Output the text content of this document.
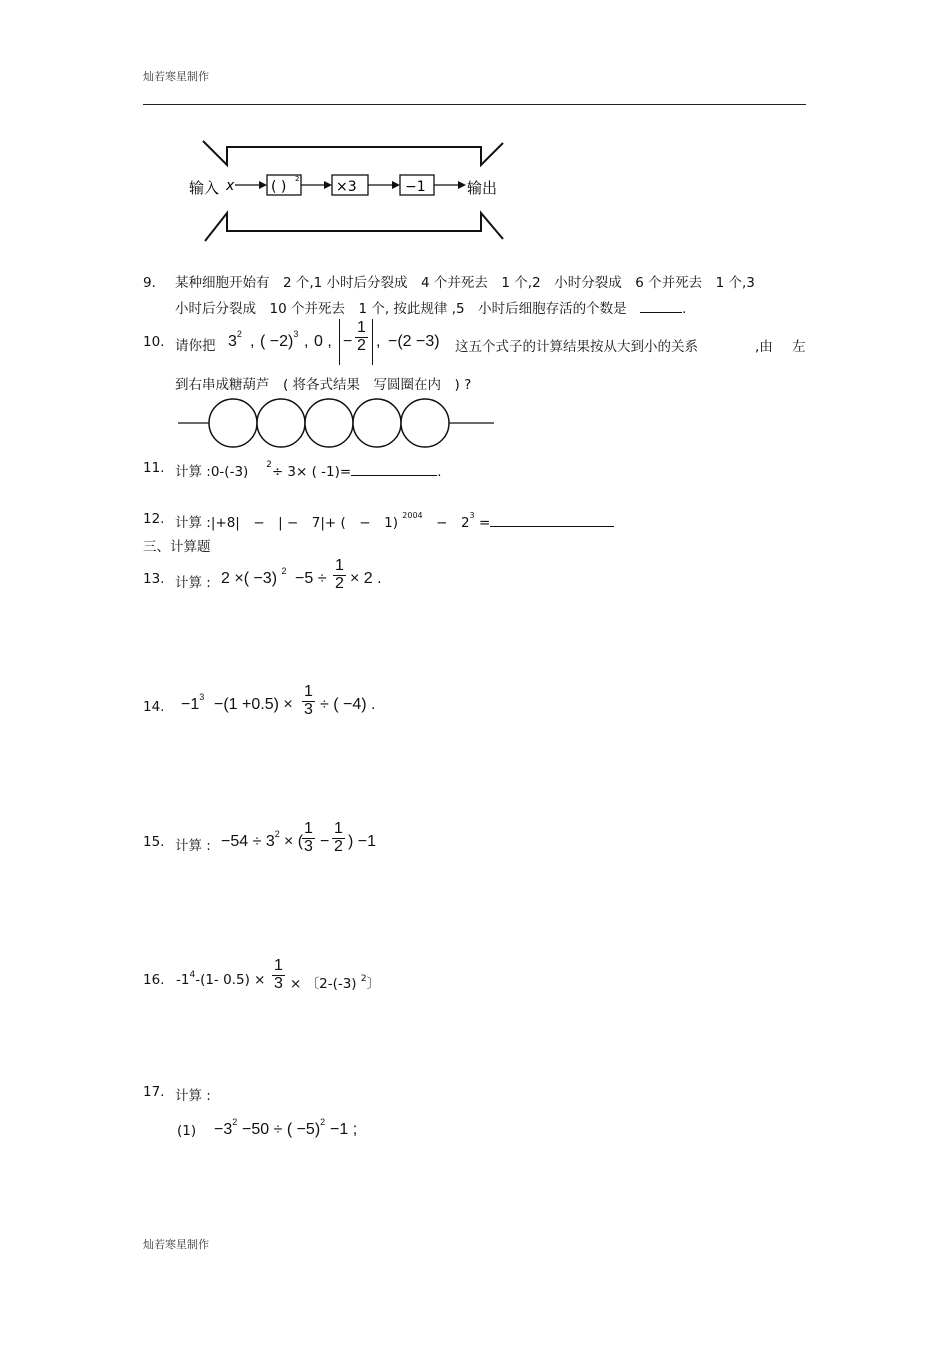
灿若寒星制作
输入 x	( ) 2	×3	−1	输出
9． 某种细胞开始有　2 个,1 小时后分裂成　4 个并死去　1 个,2　小时分裂成　6 个并死去　1 个,3
小时后分裂成　10 个并死去　1 个, 按此规律 ,5　小时后细胞存活的个数是　	.
10. 请你把 $3^2$ , ( −2)$^3$ , 0 , − $\frac{1}{2}$ , −(2 −3) 这五个式子的计算结果按从大到小的关系	,由 左
到右串成糖葫芦　( 将各式结果　写圆圈在内　) ?
11. 计算 :0-(-3)　 $^2$÷ 3× ( -1)=	.
12. 计算 :|+8|　−　| −　7|+ (　−　1) $^{2004}$　 −　$2^3$ =
三、计算题
13. 计算 : 2 ×( −3) $^2 -5 \div \frac{1}{2} \times 2$ .
14. $-1^3 -(1 +0.5) \times \frac{1}{3}$ ÷ ( −4) .
15. 计算 : $-54 \div 3^2$ × (
$\frac{1}{3} - \frac{1}{2}$ ) −1
16. $-1^4-(1-$ $0.5) \times \frac{1}{3}$ × 〔2-(-3) $^2$〕
17. 计算 :
$(1) -3^2 -50$ ÷ ( −5)$^2$ −1 ;
灿若寒星制作
